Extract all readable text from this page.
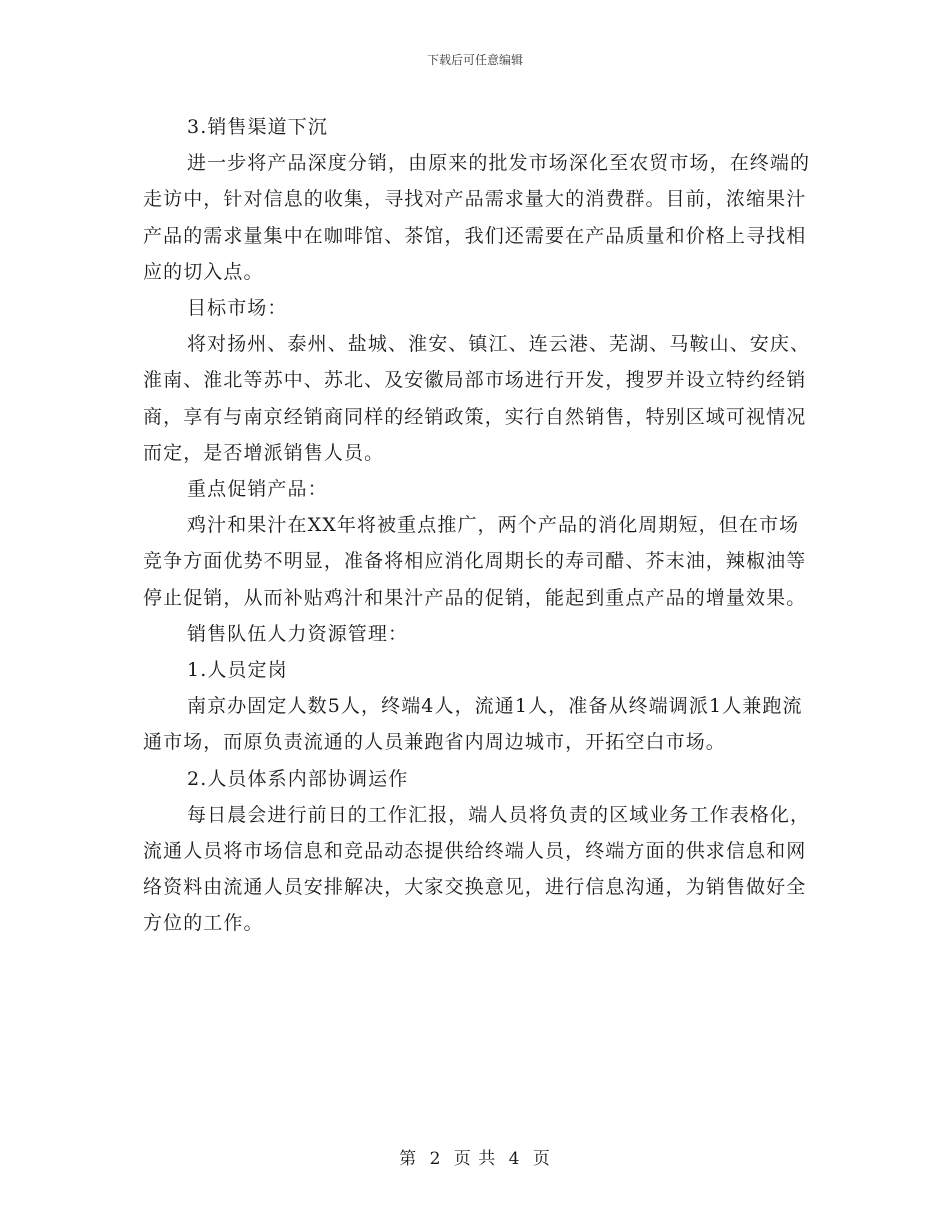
下载后可任意编辑

3.销售渠道下沉

进一步将产品深度分销，由原来的批发市场深化至农贸市场，在终端的走访中，针对信息的收集，寻找对产品需求量大的消费群。目前，浓缩果汁产品的需求量集中在咖啡馆、茶馆，我们还需要在产品质量和价格上寻找相应的切入点。

目标市场：

将对扬州、泰州、盐城、淮安、镇江、连云港、芜湖、马鞍山、安庆、淮南、淮北等苏中、苏北、及安徽局部市场进行开发，搜罗并设立特约经销商，享有与南京经销商同样的经销政策，实行自然销售，特别区域可视情况而定，是否增派销售人员。

重点促销产品：

鸡汁和果汁在XX年将被重点推广，两个产品的消化周期短，但在市场竞争方面优势不明显，准备将相应消化周期长的寿司醋、芥末油，辣椒油等停止促销，从而补贴鸡汁和果汁产品的促销，能起到重点产品的增量效果。

销售队伍人力资源管理：

1.人员定岗

南京办固定人数5人，终端4人，流通1人，准备从终端调派1人兼跑流通市场，而原负责流通的人员兼跑省内周边城市，开拓空白市场。

2.人员体系内部协调运作

每日晨会进行前日的工作汇报，端人员将负责的区域业务工作表格化，流通人员将市场信息和竞品动态提供给终端人员，终端方面的供求信息和网络资料由流通人员安排解决，大家交换意见，进行信息沟通，为销售做好全方位的工作。

第 2 页 共 4 页
